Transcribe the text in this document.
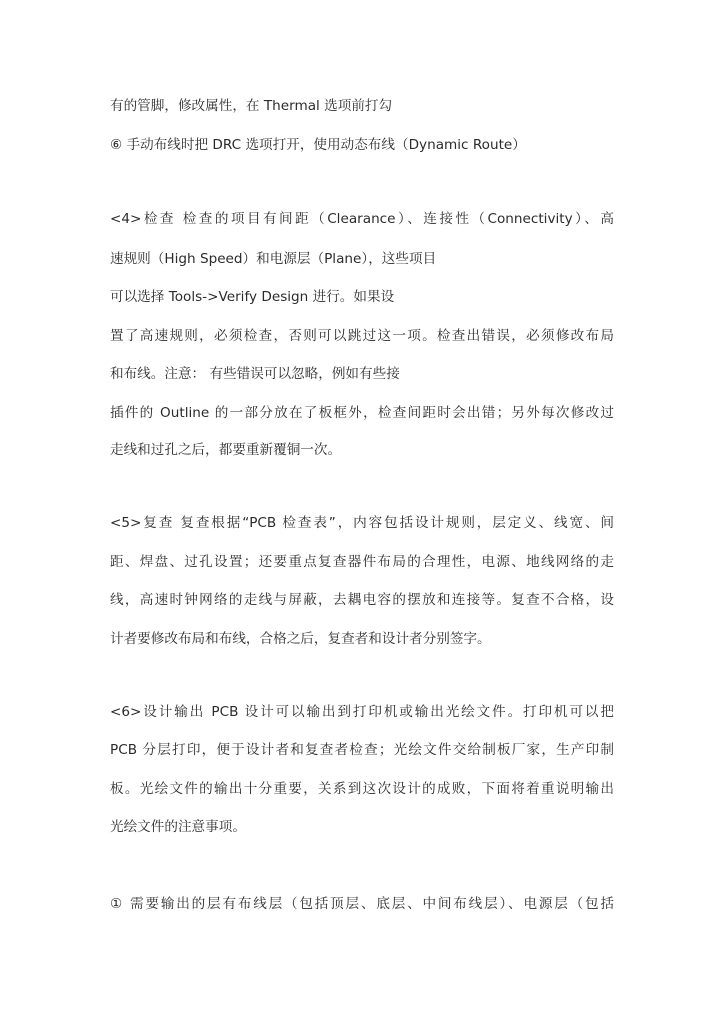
有的管脚，修改属性，在 Thermal 选项前打勾
⑥ 手动布线时把 DRC 选项打开，使用动态布线（Dynamic Route）
<4>检查 检查的项目有间距（Clearance）、连接性（Connectivity）、高
速规则（High Speed）和电源层（Plane），这些项目
可以选择 Tools->Verify Design 进行。如果设
置了高速规则，必须检查，否则可以跳过这一项。检查出错误，必须修改布局
和布线。注意： 有些错误可以忽略，例如有些接
插件的 Outline 的一部分放在了板框外，检查间距时会出错；另外每次修改过
走线和过孔之后，都要重新覆铜一次。
<5>复查 复查根据“PCB 检查表”，内容包括设计规则，层定义、线宽、间
距、焊盘、过孔设置；还要重点复查器件布局的合理性，电源、地线网络的走
线，高速时钟网络的走线与屏蔽，去耦电容的摆放和连接等。复查不合格，设
计者要修改布局和布线，合格之后，复查者和设计者分别签字。
<6>设计输出 PCB 设计可以输出到打印机或输出光绘文件。打印机可以把
PCB 分层打印，便于设计者和复查者检查；光绘文件交给制板厂家，生产印制
板。光绘文件的输出十分重要，关系到这次设计的成败，下面将着重说明输出
光绘文件的注意事项。
① 需要输出的层有布线层（包括顶层、底层、中间布线层）、电源层（包括
